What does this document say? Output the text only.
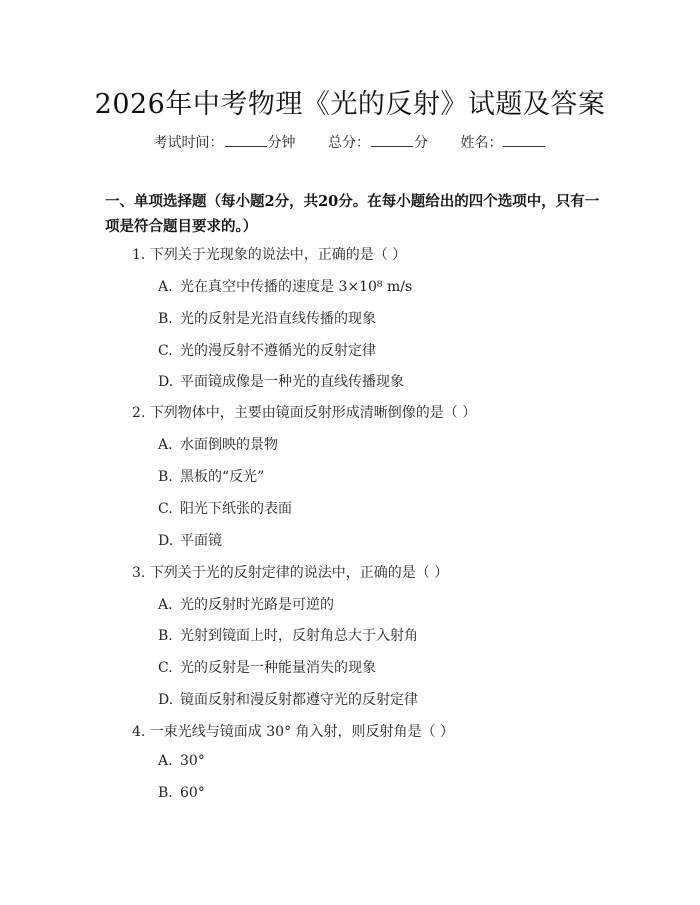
2026年中考物理《光的反射》试题及答案
考试时间：	分钟 总分：	分 姓名：
一、单项选择题（每小题2分，共20分。在每小题给出的四个选项中，只有一项是符合题目要求的。）
1. 下列关于光现象的说法中，正确的是（ ）
A. 光在真空中传播的速度是 3×10⁸ m/s
B. 光的反射是光沿直线传播的现象
C. 光的漫反射不遵循光的反射定律
D. 平面镜成像是一种光的直线传播现象
2. 下列物体中，主要由镜面反射形成清晰倒像的是（ ）
A. 水面倒映的景物
B. 黑板的“反光”
C. 阳光下纸张的表面
D. 平面镜
3. 下列关于光的反射定律的说法中，正确的是（ ）
A. 光的反射时光路是可逆的
B. 光射到镜面上时，反射角总大于入射角
C. 光的反射是一种能量消失的现象
D. 镜面反射和漫反射都遵守光的反射定律
4. 一束光线与镜面成 30° 角入射，则反射角是（ ）
A. 30°
B. 60°
